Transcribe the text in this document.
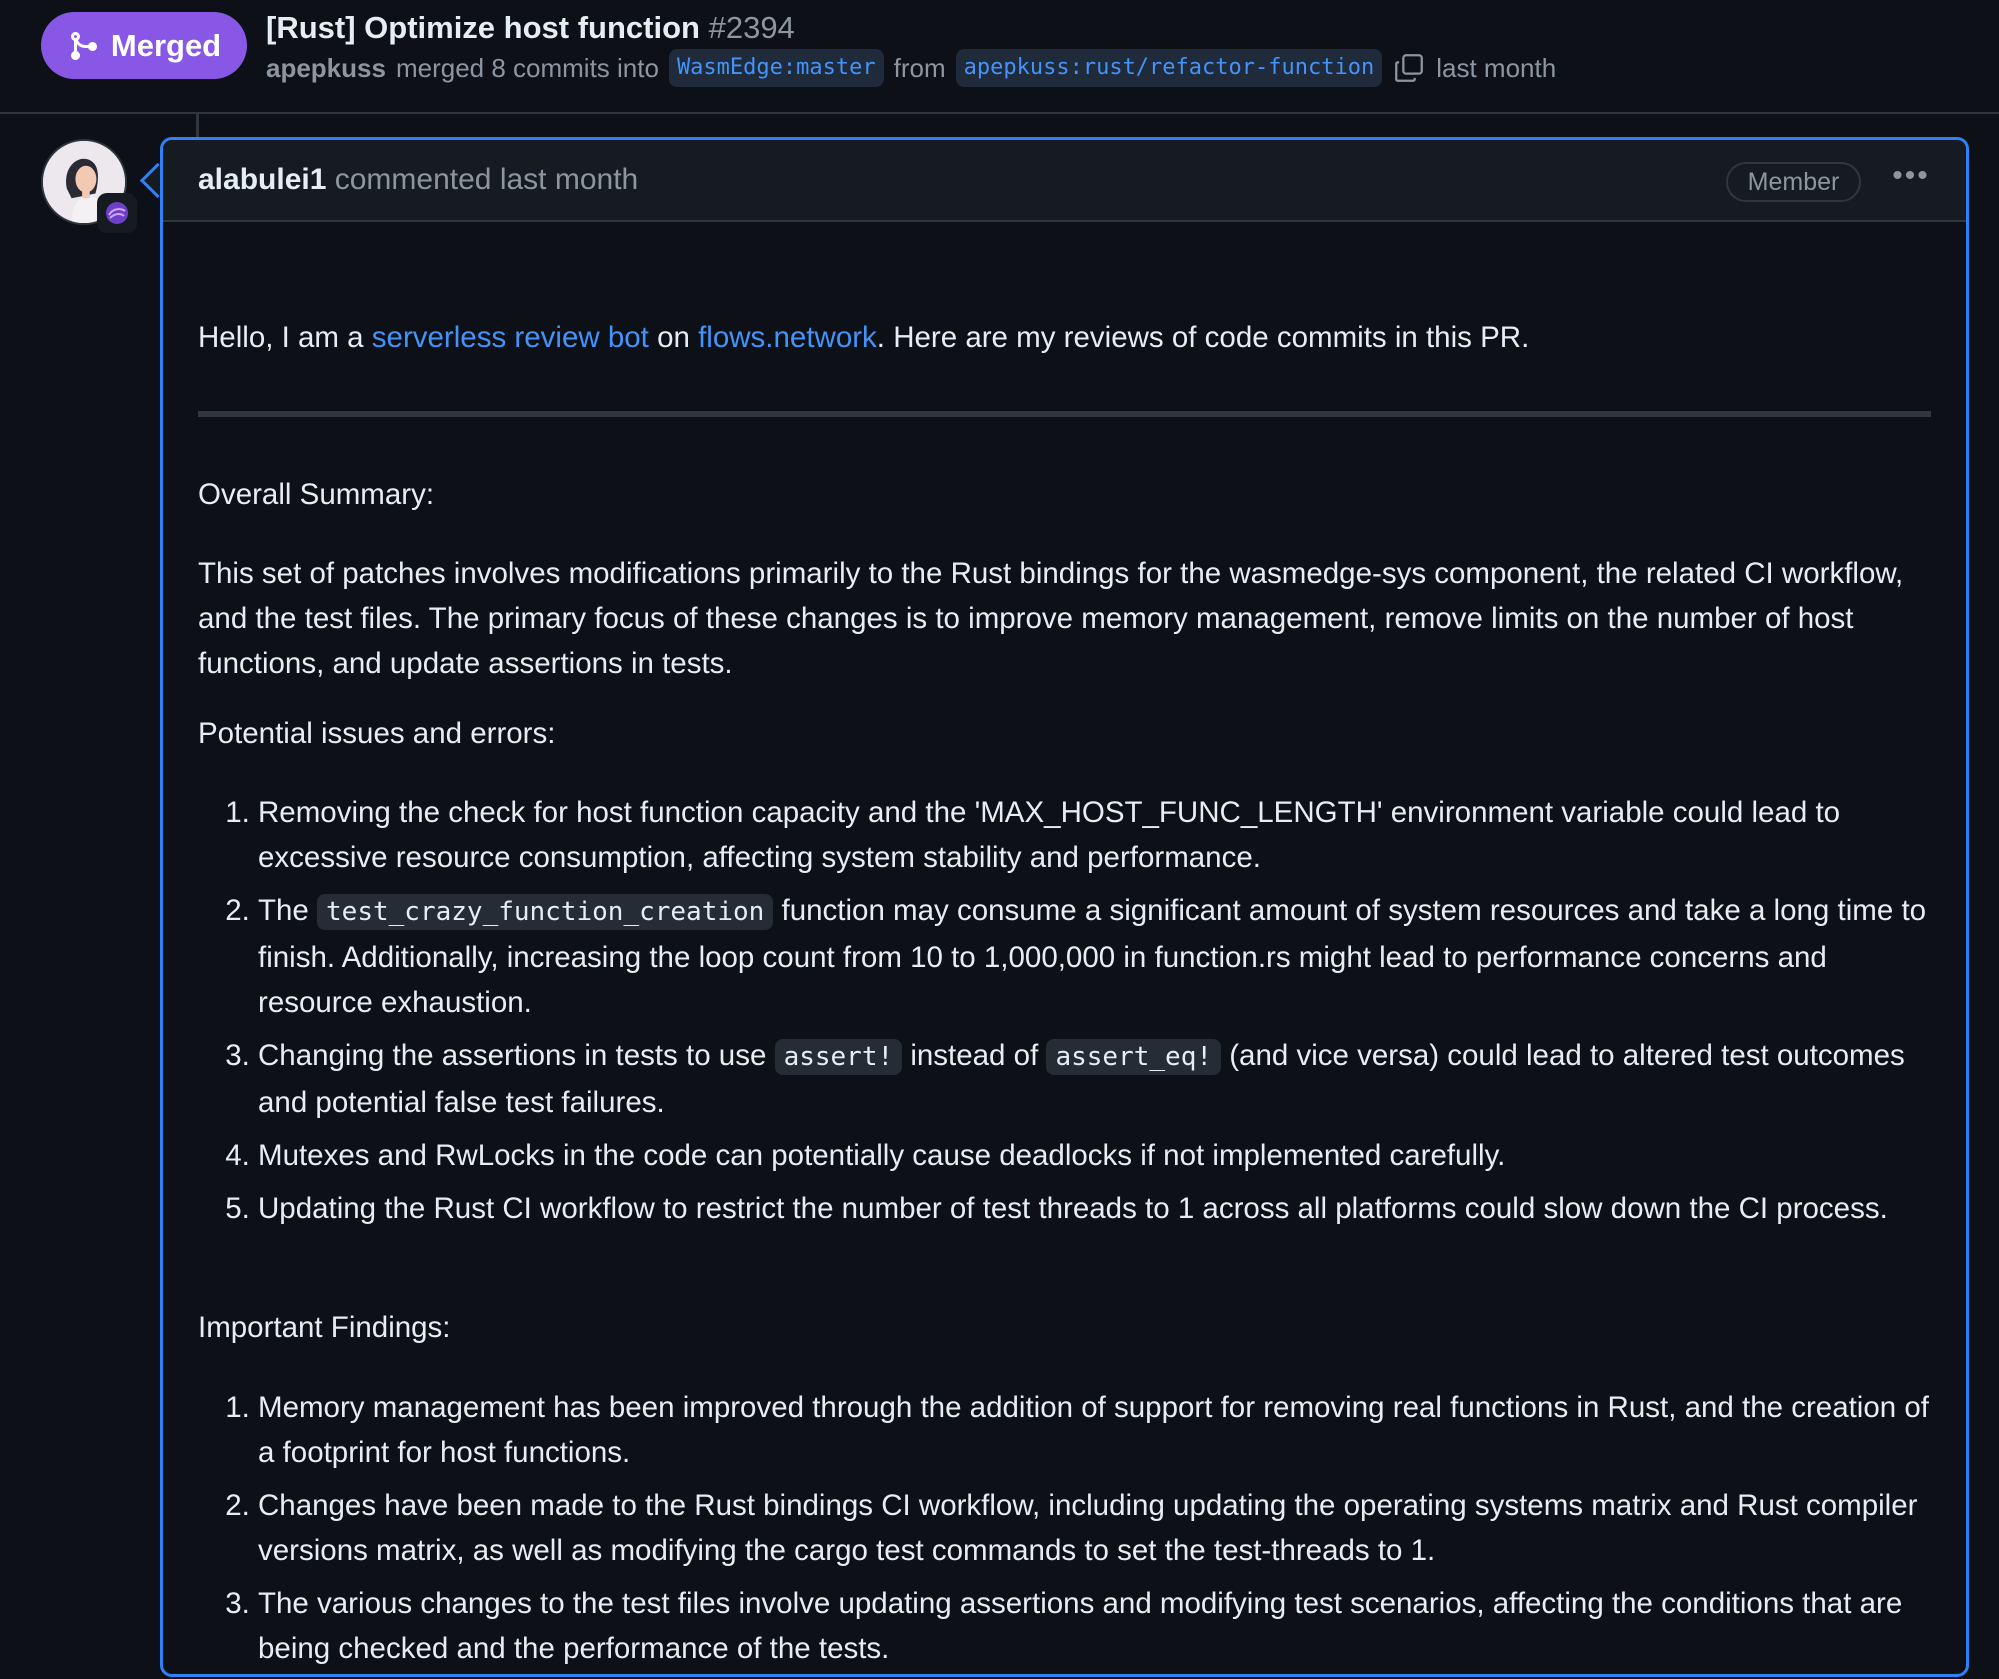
Merged [Rust] Optimize host function #2394
apepkuss merged 8 commits into WasmEdge:master from apepkuss:rust/refactor-function	last month
alabulei1 commented last month	Member	•••
Hello, I am a serverless review bot on flows.network. Here are my reviews of code commits in this PR.
Overall Summary:
This set of patches involves modifications primarily to the Rust bindings for the wasmedge-sys component, the related CI workflow, and the test files. The primary focus of these changes is to improve memory management, remove limits on the number of host functions, and update assertions in tests.
Potential issues and errors:
1. Removing the check for host function capacity and the 'MAX_HOST_FUNC_LENGTH' environment variable could lead to excessive resource consumption, affecting system stability and performance.
2. The test_crazy_function_creation function may consume a significant amount of system resources and take a long time to finish. Additionally, increasing the loop count from 10 to 1,000,000 in function.rs might lead to performance concerns and resource exhaustion.
3. Changing the assertions in tests to use assert! instead of assert_eq! (and vice versa) could lead to altered test outcomes and potential false test failures.
4. Mutexes and RwLocks in the code can potentially cause deadlocks if not implemented carefully.
5. Updating the Rust CI workflow to restrict the number of test threads to 1 across all platforms could slow down the CI process.
Important Findings:
1. Memory management has been improved through the addition of support for removing real functions in Rust, and the creation of a footprint for host functions.
2. Changes have been made to the Rust bindings CI workflow, including updating the operating systems matrix and Rust compiler versions matrix, as well as modifying the cargo test commands to set the test-threads to 1.
3. The various changes to the test files involve updating assertions and modifying test scenarios, affecting the conditions that are being checked and the performance of the tests.
